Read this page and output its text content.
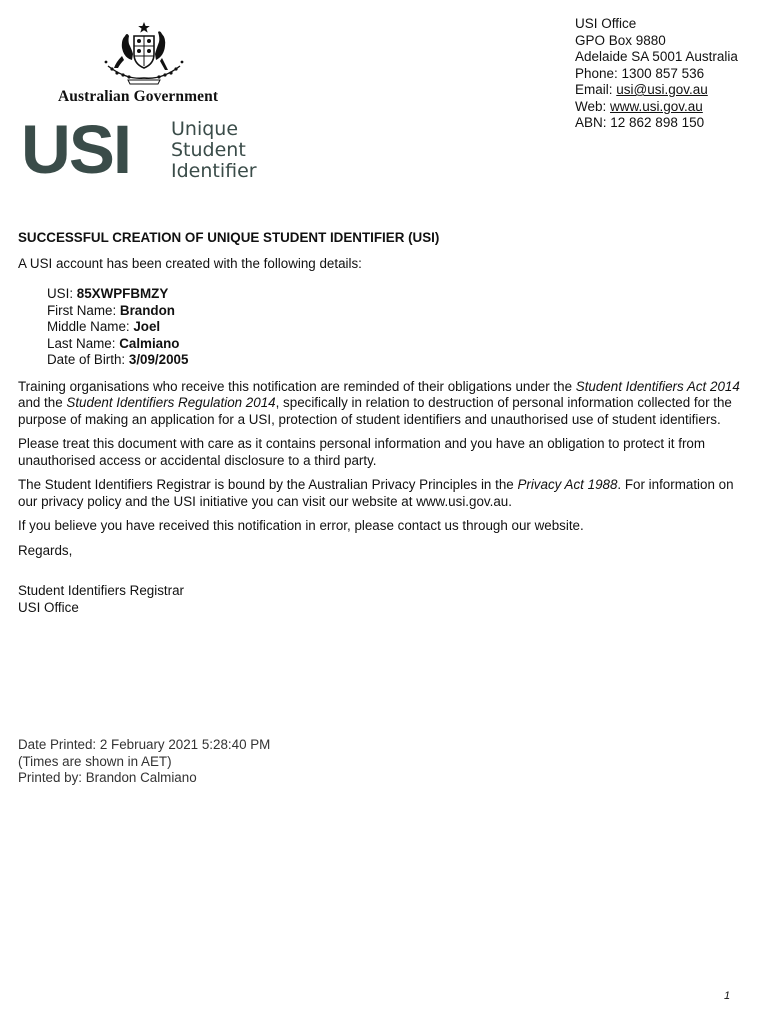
Australian Government
USI Unique
Student
Identifier
USI Office
GPO Box 9880
Adelaide SA 5001 Australia
Phone: 1300 857 536
Email: usi@usi.gov.au
Web: www.usi.gov.au
ABN: 12 862 898 150
SUCCESSFUL CREATION OF UNIQUE STUDENT IDENTIFIER (USI)
A USI account has been created with the following details:
USI: 85XWPFBMZY
First Name: Brandon
Middle Name: Joel
Last Name: Calmiano
Date of Birth: 3/09/2005

Training organisations who receive this notification are reminded of their obligations under the Student Identifiers Act 2014 and the Student Identifiers Regulation 2014, specifically in relation to destruction of personal information collected for the purpose of making an application for a USI, protection of student identifiers and unauthorised use of student identifiers.

Please treat this document with care as it contains personal information and you have an obligation to protect it from unauthorised access or accidental disclosure to a third party.

The Student Identifiers Registrar is bound by the Australian Privacy Principles in the Privacy Act 1988. For information on our privacy policy and the USI initiative you can visit our website at www.usi.gov.au.

If you believe you have received this notification in error, please contact us through our website.

Regards,
Student Identifiers Registrar
USI Office
Date Printed: 2 February 2021 5:28:40 PM
(Times are shown in AET)
Printed by: Brandon Calmiano
1
